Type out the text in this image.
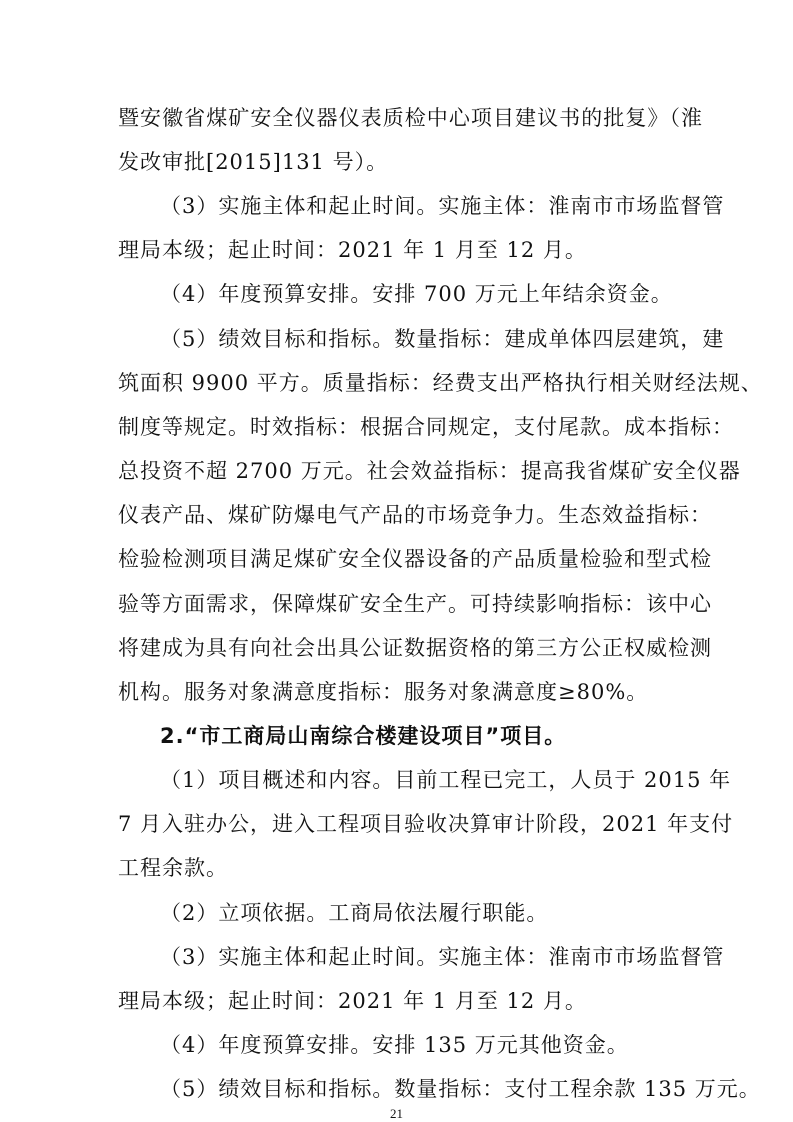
暨安徽省煤矿安全仪器仪表质检中心项目建议书的批复》（淮
发改审批[2015]131 号）。
（3）实施主体和起止时间。实施主体：淮南市市场监督管
理局本级；起止时间：2021 年 1 月至 12 月。
（4）年度预算安排。安排 700 万元上年结余资金。
（5）绩效目标和指标。数量指标：建成单体四层建筑，建
筑面积 9900 平方。质量指标：经费支出严格执行相关财经法规、
制度等规定。时效指标：根据合同规定，支付尾款。成本指标：
总投资不超 2700 万元。社会效益指标：提高我省煤矿安全仪器
仪表产品、煤矿防爆电气产品的市场竞争力。生态效益指标：
检验检测项目满足煤矿安全仪器设备的产品质量检验和型式检
验等方面需求，保障煤矿安全生产。可持续影响指标：该中心
将建成为具有向社会出具公证数据资格的第三方公正权威检测
机构。服务对象满意度指标：服务对象满意度≥80%。
2.“市工商局山南综合楼建设项目”项目。
（1）项目概述和内容。目前工程已完工，人员于 2015 年
7 月入驻办公，进入工程项目验收决算审计阶段，2021 年支付
工程余款。
（2）立项依据。工商局依法履行职能。
（3）实施主体和起止时间。实施主体：淮南市市场监督管
理局本级；起止时间：2021 年 1 月至 12 月。
（4）年度预算安排。安排 135 万元其他资金。
（5）绩效目标和指标。数量指标：支付工程余款 135 万元。
21
